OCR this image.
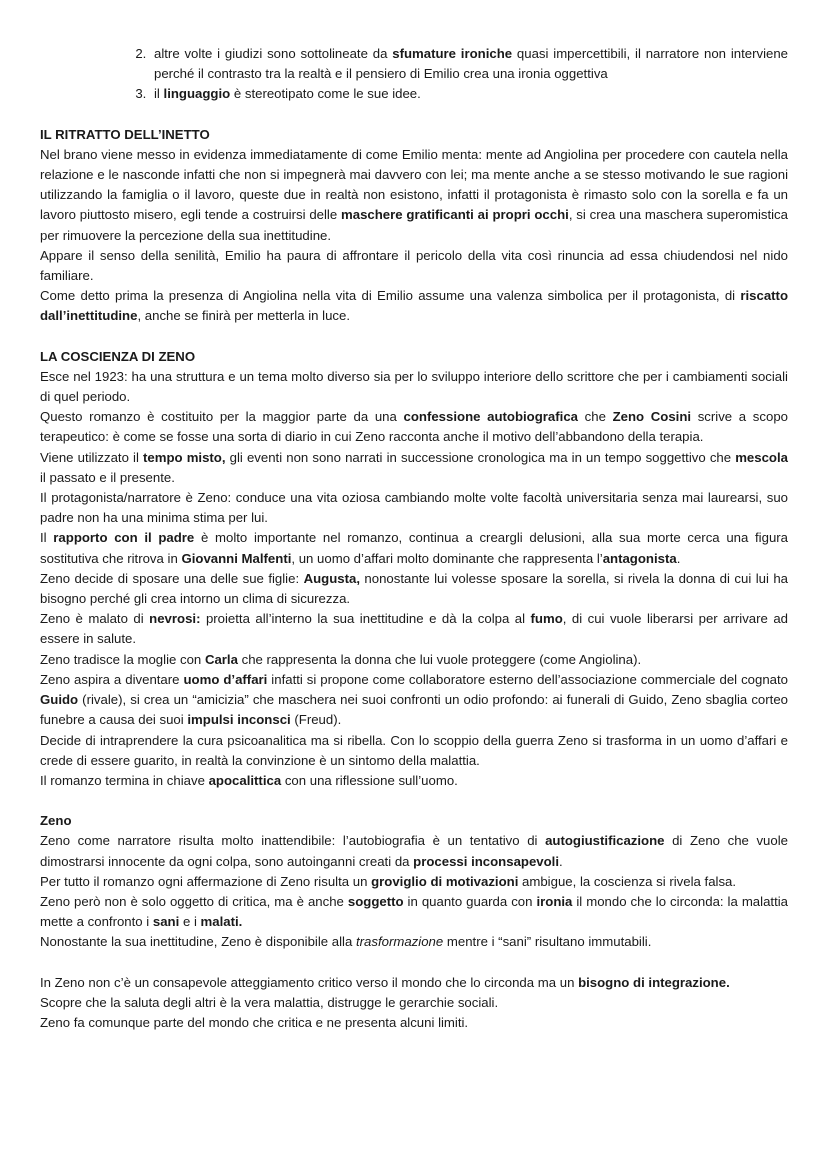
2. altre volte i giudizi sono sottolineate da sfumature ironiche quasi impercettibili, il narratore non interviene perché il contrasto tra la realtà e il pensiero di Emilio crea una ironia oggettiva
3. il linguaggio è stereotipato come le sue idee.
IL RITRATTO DELL’INETTO

Nel brano viene messo in evidenza immediatamente di come Emilio menta: mente ad Angiolina per procedere con cautela nella relazione e le nasconde infatti che non si impegnerà mai davvero con lei; ma mente anche a se stesso motivando le sue ragioni utilizzando la famiglia o il lavoro, queste due in realtà non esistono, infatti il protagonista è rimasto solo con la sorella e fa un lavoro piuttosto misero, egli tende a costruirsi delle maschere gratificanti ai propri occhi, si crea una maschera superomistica per rimuovere la percezione della sua inettitudine.

Appare il senso della senilità, Emilio ha paura di affrontare il pericolo della vita così rinuncia ad essa chiudendosi nel nido familiare.

Come detto prima la presenza di Angiolina nella vita di Emilio assume una valenza simbolica per il protagonista, di riscatto dall’inettitudine, anche se finirà per metterla in luce.

LA COSCIENZA DI ZENO

Esce nel 1923: ha una struttura e un tema molto diverso sia per lo sviluppo interiore dello scrittore che per i cambiamenti sociali di quel periodo.

Questo romanzo è costituito per la maggior parte da una confessione autobiografica che Zeno Cosini scrive a scopo terapeutico: è come se fosse una sorta di diario in cui Zeno racconta anche il motivo dell’abbandono della terapia.

Viene utilizzato il tempo misto, gli eventi non sono narrati in successione cronologica ma in un tempo soggettivo che mescola il passato e il presente.

Il protagonista/narratore è Zeno: conduce una vita oziosa cambiando molte volte facoltà universitaria senza mai laurearsi, suo padre non ha una minima stima per lui.

Il rapporto con il padre è molto importante nel romanzo, continua a creargli delusioni, alla sua morte cerca una figura sostitutiva che ritrova in Giovanni Malfenti, un uomo d’affari molto dominante che rappresenta l’antagonista.

Zeno decide di sposare una delle sue figlie: Augusta, nonostante lui volesse sposare la sorella, si rivela la donna di cui lui ha bisogno perché gli crea intorno un clima di sicurezza.

Zeno è malato di nevrosi: proietta all’interno la sua inettitudine e dà la colpa al fumo, di cui vuole liberarsi per arrivare ad essere in salute.

Zeno tradisce la moglie con Carla che rappresenta la donna che lui vuole proteggere (come Angiolina).

Zeno aspira a diventare uomo d’affari infatti si propone come collaboratore esterno dell’associazione commerciale del cognato Guido (rivale), si crea un “amicizia” che maschera nei suoi confronti un odio profondo: ai funerali di Guido, Zeno sbaglia corteo funebre a causa dei suoi impulsi inconsci (Freud).

Decide di intraprendere la cura psicoanalitica ma si ribella. Con lo scoppio della guerra Zeno si trasforma in un uomo d’affari e crede di essere guarito, in realtà la convinzione è un sintomo della malattia.

Il romanzo termina in chiave apocalittica con una riflessione sull’uomo.

Zeno

Zeno come narratore risulta molto inattendibile: l’autobiografia è un tentativo di autogiustificazione di Zeno che vuole dimostrarsi innocente da ogni colpa, sono autoinganni creati da processi inconsapevoli.

Per tutto il romanzo ogni affermazione di Zeno risulta un groviglio di motivazioni ambigue, la coscienza si rivela falsa.

Zeno però non è solo oggetto di critica, ma è anche soggetto in quanto guarda con ironia il mondo che lo circonda: la malattia mette a confronto i sani e i malati.

Nonostante la sua inettitudine, Zeno è disponibile alla trasformazione mentre i “sani” risultano immutabili.

In Zeno non c’è un consapevole atteggiamento critico verso il mondo che lo circonda ma un bisogno di integrazione.

Scopre che la saluta degli altri è la vera malattia, distrugge le gerarchie sociali.

Zeno fa comunque parte del mondo che critica e ne presenta alcuni limiti.
